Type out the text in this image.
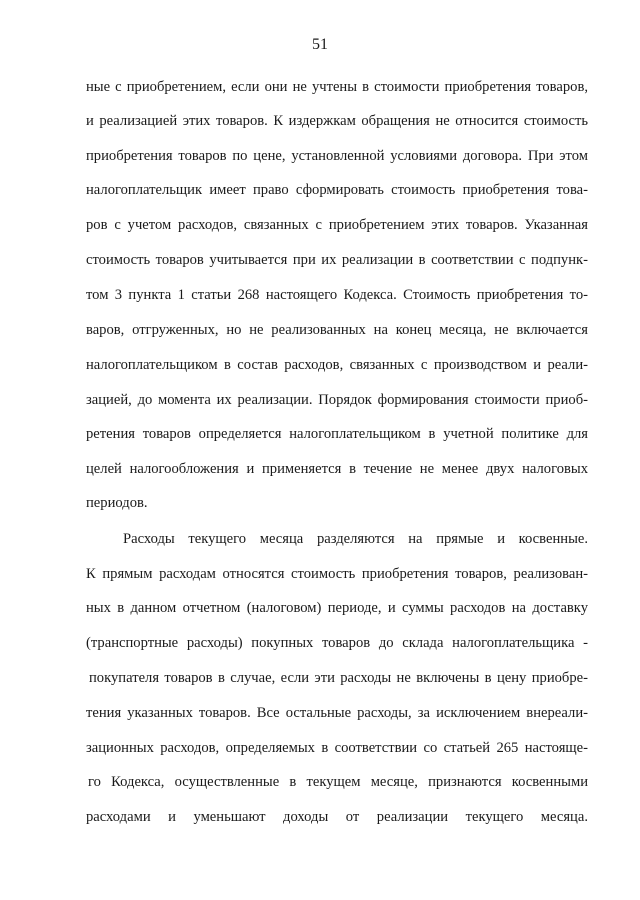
51
ные с приобретением, если они не учтены в стоимости приобретения товаров,
и реализацией этих товаров. К издержкам обращения не относится стоимость
приобретения товаров по цене, установленной условиями договора. При этом
налогоплательщик имеет право сформировать стоимость приобретения това-
ров с учетом расходов, связанных с приобретением этих товаров. Указанная
стоимость товаров учитывается при их реализации в соответствии с подпунк-
том 3 пункта 1 статьи 268 настоящего Кодекса. Стоимость приобретения то-
варов, отгруженных, но не реализованных на конец месяца, не включается
налогоплательщиком в состав расходов, связанных с производством и реали-
зацией, до момента их реализации. Порядок формирования стоимости приоб-
ретения товаров определяется налогоплательщиком в учетной политике для
целей налогообложения и применяется в течение не менее двух налоговых
периодов.
Расходы текущего месяца разделяются на прямые и косвенные.
К прямым расходам относятся стоимость приобретения товаров, реализован-
ных в данном отчетном (налоговом) периоде, и суммы расходов на доставку
(транспортные расходы) покупных товаров до склада налогоплательщика -
покупателя товаров в случае, если эти расходы не включены в цену приобре-
тения указанных товаров. Все остальные расходы, за исключением внереали-
зационных расходов, определяемых в соответствии со статьей 265 настояще-
го Кодекса, осуществленные в текущем месяце, признаются косвенными
расходами и уменьшают доходы от реализации текущего месяца.
